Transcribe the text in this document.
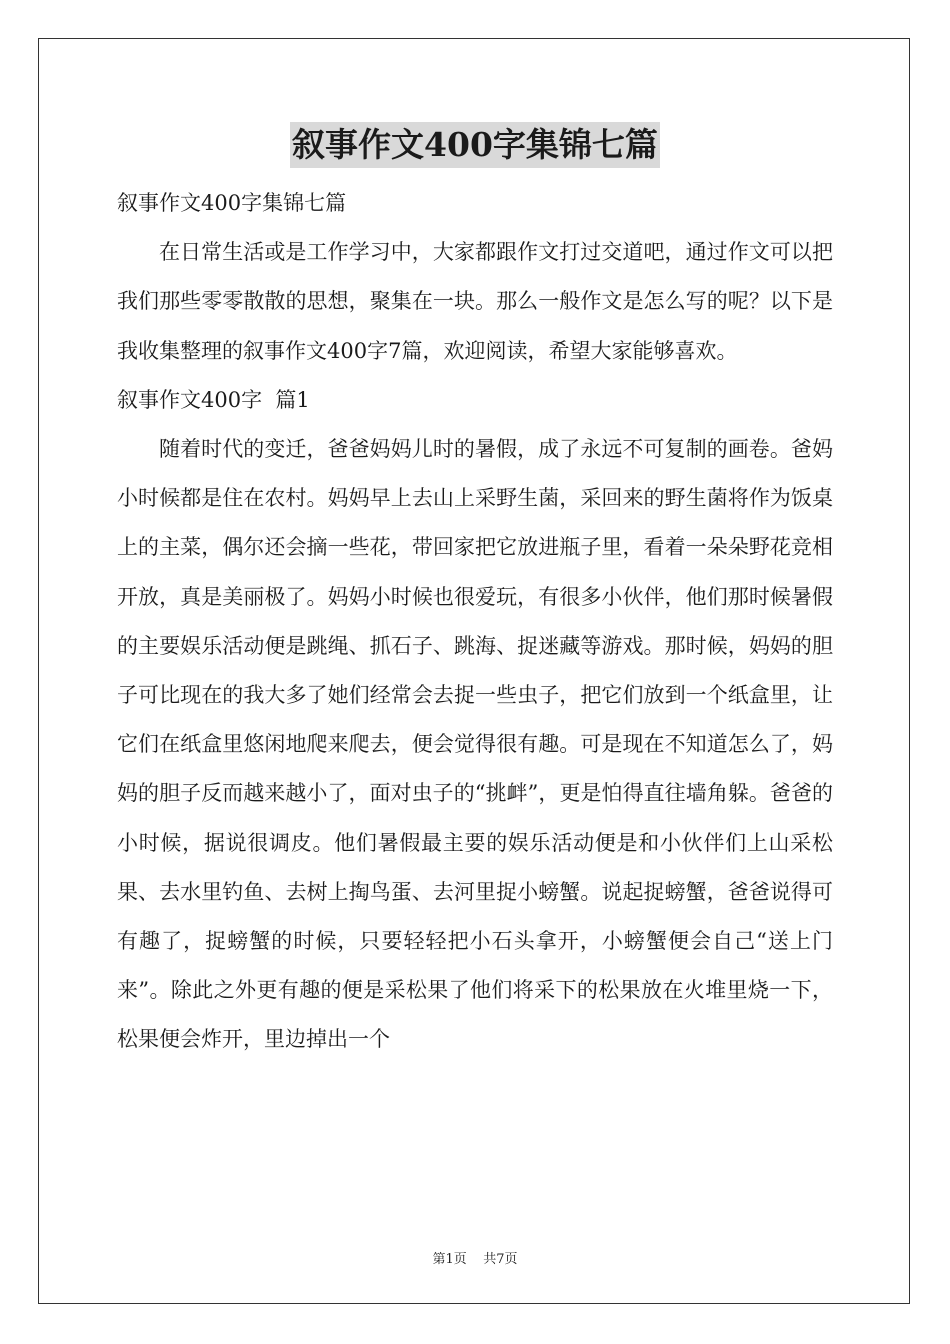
叙事作文400字集锦七篇

叙事作文400字集锦七篇

在日常生活或是工作学习中，大家都跟作文打过交道吧，通过作文可以把我们那些零零散散的思想，聚集在一块。那么一般作文是怎么写的呢？以下是我收集整理的叙事作文400字7篇，欢迎阅读，希望大家能够喜欢。

叙事作文400字  篇1

随着时代的变迁，爸爸妈妈儿时的暑假，成了永远不可复制的画卷。爸妈小时候都是住在农村。妈妈早上去山上采野生菌，采回来的野生菌将作为饭桌上的主菜，偶尔还会摘一些花，带回家把它放进瓶子里，看着一朵朵野花竞相开放，真是美丽极了。妈妈小时候也很爱玩，有很多小伙伴，他们那时候暑假的主要娱乐活动便是跳绳、抓石子、跳海、捉迷藏等游戏。那时候，妈妈的胆子可比现在的我大多了她们经常会去捉一些虫子，把它们放到一个纸盒里，让它们在纸盒里悠闲地爬来爬去，便会觉得很有趣。可是现在不知道怎么了，妈妈的胆子反而越来越小了，面对虫子的“挑衅”，更是怕得直往墙角躲。爸爸的小时候，据说很调皮。他们暑假最主要的娱乐活动便是和小伙伴们上山采松果、去水里钓鱼、去树上掏鸟蛋、去河里捉小螃蟹。说起捉螃蟹，爸爸说得可有趣了，捉螃蟹的时候，只要轻轻把小石头拿开，小螃蟹便会自己“送上门来”。除此之外更有趣的便是采松果了他们将采下的松果放在火堆里烧一下，松果便会炸开，里边掉出一个

第1页    共7页
